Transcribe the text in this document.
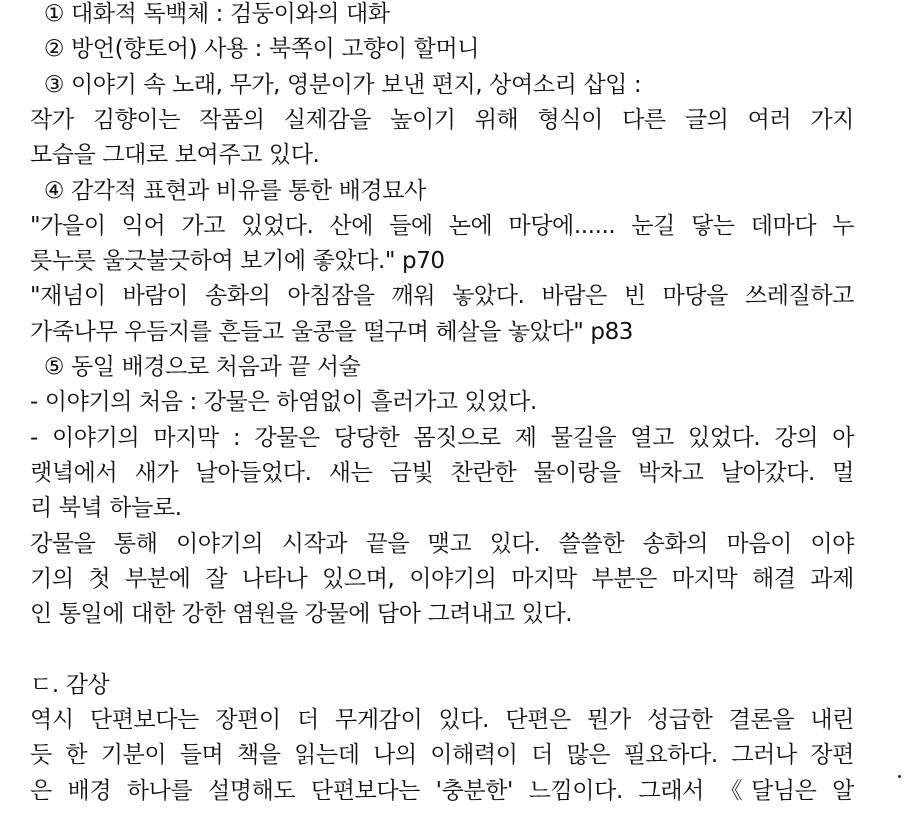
① 대화적 독백체 : 검둥이와의 대화
② 방언(향토어) 사용 : 북쪽이 고향이 할머니
③ 이야기 속 노래, 무가, 영분이가 보낸 편지, 상여소리 삽입 :
작가 김향이는 작품의 실제감을 높이기 위해 형식이 다른 글의 여러 가지
모습을 그대로 보여주고 있다.
④ 감각적 표현과 비유를 통한 배경묘사
"가을이 익어 가고 있었다. 산에 들에 논에 마당에...... 눈길 닿는 데마다 누
릇누릇 울긋불긋하여 보기에 좋았다." p70
"재넘이 바람이 송화의 아침잠을 깨워 놓았다. 바람은 빈 마당을 쓰레질하고
가죽나무 우듬지를 흔들고 울콩을 떨구며 헤살을 놓았다" p83
⑤ 동일 배경으로 처음과 끝 서술
- 이야기의 처음 : 강물은 하염없이 흘러가고 있었다.
- 이야기의 마지막 : 강물은 당당한 몸짓으로 제 물길을 열고 있었다. 강의 아
랫녘에서 새가 날아들었다. 새는 금빛 찬란한 물이랑을 박차고 날아갔다. 멀
리 북녘 하늘로.
강물을 통해 이야기의 시작과 끝을 맺고 있다. 쓸쓸한 송화의 마음이 이야
기의 첫 부분에 잘 나타나 있으며, 이야기의 마지막 부분은 마지막 해결 과제
인 통일에 대한 강한 염원을 강물에 담아 그려내고 있다.
ㄷ. 감상
역시 단편보다는 장편이 더 무게감이 있다. 단편은 뭔가 성급한 결론을 내린
듯 한 기분이 들며 책을 읽는데 나의 이해력이 더 많은 필요하다. 그러나 장편
은 배경 하나를 설명해도 단편보다는 '충분한' 느낌이다. 그래서 《달님은 알
